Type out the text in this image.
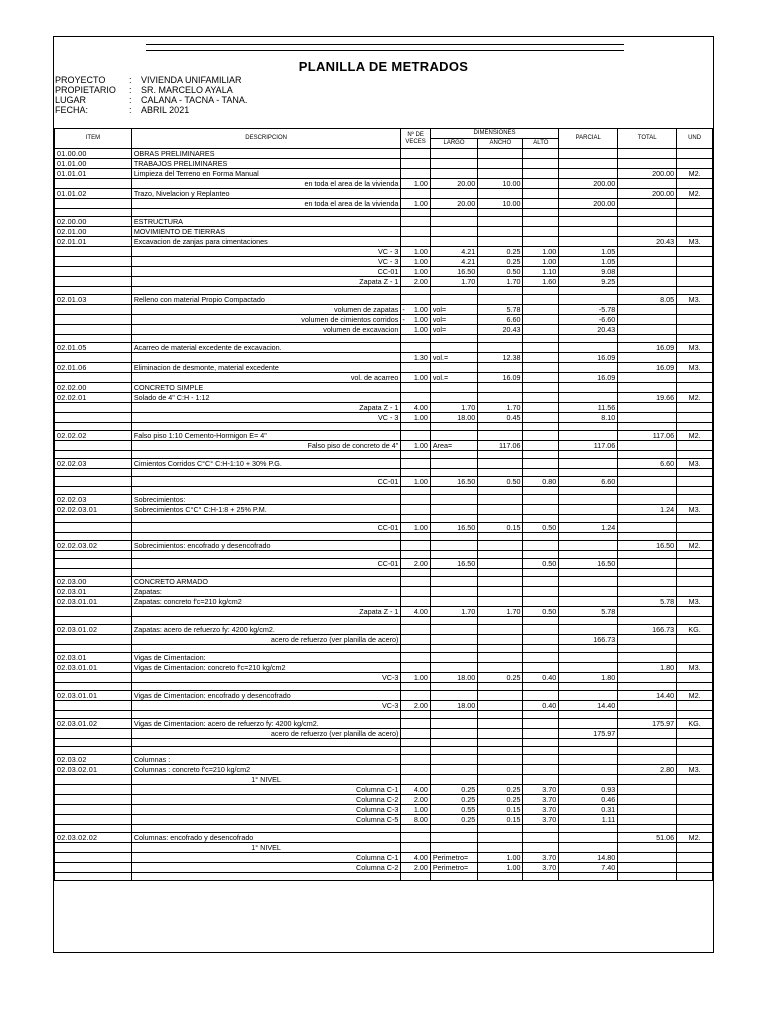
PLANILLA DE METRADOS
PROYECTO	: VIVIENDA UNIFAMILIAR
PROPIETARIO : SR. MARCELO AYALA
LUGAR	: CALANA - TACNA - TANA.
FECHA:	: ABRIL 2021
ITEM	DESCRIPCION	Nº DE VECES	DIMENSIONES			PARCIAL	TOTAL	UND
			LARGO	ANCHO	ALTO			
01.00.00	OBRAS PRELIMINARES							
01.01.00	TRABAJOS PRELIMINARES							
01.01.01	Limpieza del Terreno en Forma Manual						200.00	M2.
	en toda el area de la vivienda	1.00	20.00	10.00		200.00		
01.01.02	Trazo, Nivelacion y Replanteo						200.00	M2.
	en toda el area de la vivienda	1.00	20.00	10.00		200.00		

02.00.00	ESTRUCTURA							
02.01.00	MOVIMIENTO DE TIERRAS							
02.01.01	Excavacion de zanjas para cimentaciones						20.43	M3.
	VC - 3	1.00	4.21	0.25	1.00	1.05		
	VC - 3	1.00	4.21	0.25	1.00	1.05		
	CC-01	1.00	16.50	0.50	1.10	9.08		
	Zapata Z - 1	2.00	1.70	1.70	1.60	9.25		

02.01.03	Relleno con material Propio Compactado						8.05	M3.
	volumen de zapatas	- 1.00	vol=	5.78		-5.78		
	volumen de cimientos corridos	- 1.00	vol=	6.60		-6.60		
	volumen de excavacion	1.00	vol=	20.43		20.43		

02.01.05	Acarreo de material excedente de excavacion.						16.09	M3.
		1.30	vol.=	12.38		16.09		
02.01.06	Eliminacion de desmonte, material excedente						16.09	M3.
	vol. de acarreo	1.00	vol.=	16.09		16.09		
02.02.00	CONCRETO SIMPLE							
02.02.01	Solado de 4" C:H - 1:12						19.66	M2.
	Zapata Z - 1	4.00	1.70	1.70		11.56		
	VC - 3	1.00	18.00	0.45		8.10		

02.02.02	Falso piso 1:10 Cemento-Hormigon E= 4"						117.06	M2.
	Falso piso de concreto de 4"	1.00	Area=	117.06		117.06		

02.02.03	Cimientos Corridos C°C° C:H-1:10 + 30% P.G.						6.60	M3.

	CC-01	1.00	16.50	0.50	0.80	6.60		

02.02.03	Sobrecimientos:							
02.02.03.01	Sobrecimientos C°C° C:H-1:8 + 25% P.M.						1.24	M3.

	CC-01	1.00	16.50	0.15	0.50	1.24		

02.02.03.02	Sobrecimientos: encofrado y desencofrado						16.50	M2.

	CC-01	2.00	16.50		0.50	16.50		

02.03.00	CONCRETO ARMADO							
02.03.01	Zapatas:							
02.03.01.01	Zapatas: concreto f'c=210 kg/cm2						5.78	M3.
	Zapata Z - 1	4.00	1.70	1.70	0.50	5.78		

02.03.01.02	Zapatas: acero de refuerzo fy: 4200 kg/cm2.						166.73	KG.
	acero de refuerzo (ver planilla de acero)					166.73		

02.03.01	Vigas de Cimentacion:							
02.03.01.01	Vigas de Cimentacion: concreto f'c=210 kg/cm2						1.80	M3.
	VC-3	1.00	18.00	0.25	0.40	1.80		

02.03.01.01	Vigas de Cimentacion: encofrado y desencofrado						14.40	M2.
	VC-3	2.00	18.00		0.40	14.40		

02.03.01.02	Vigas de Cimentacion: acero de refuerzo fy: 4200 kg/cm2.						175.97	KG.
	acero de refuerzo (ver planilla de acero)					175.97		

02.03.02	Columnas :							
02.03.02.01	Columnas : concreto f'c=210 kg/cm2						2.80	M3.
	1° NIVEL							
	Columna C-1	4.00	0.25	0.25	3.70	0.93		
	Columna C-2	2.00	0.25	0.25	3.70	0.46		
	Columna C-3	1.00	0.55	0.15	3.70	0.31		
	Columna C-5	8.00	0.25	0.15	3.70	1.11		

02.03.02.02	Columnas: encofrado y desencofrado						51.06	M2.
	1° NIVEL							
	Columna C-1	4.00	Perimetro=	1.00	3.70	14.80		
	Columna C-2	2.00	Perimetro=	1.00	3.70	7.40		
